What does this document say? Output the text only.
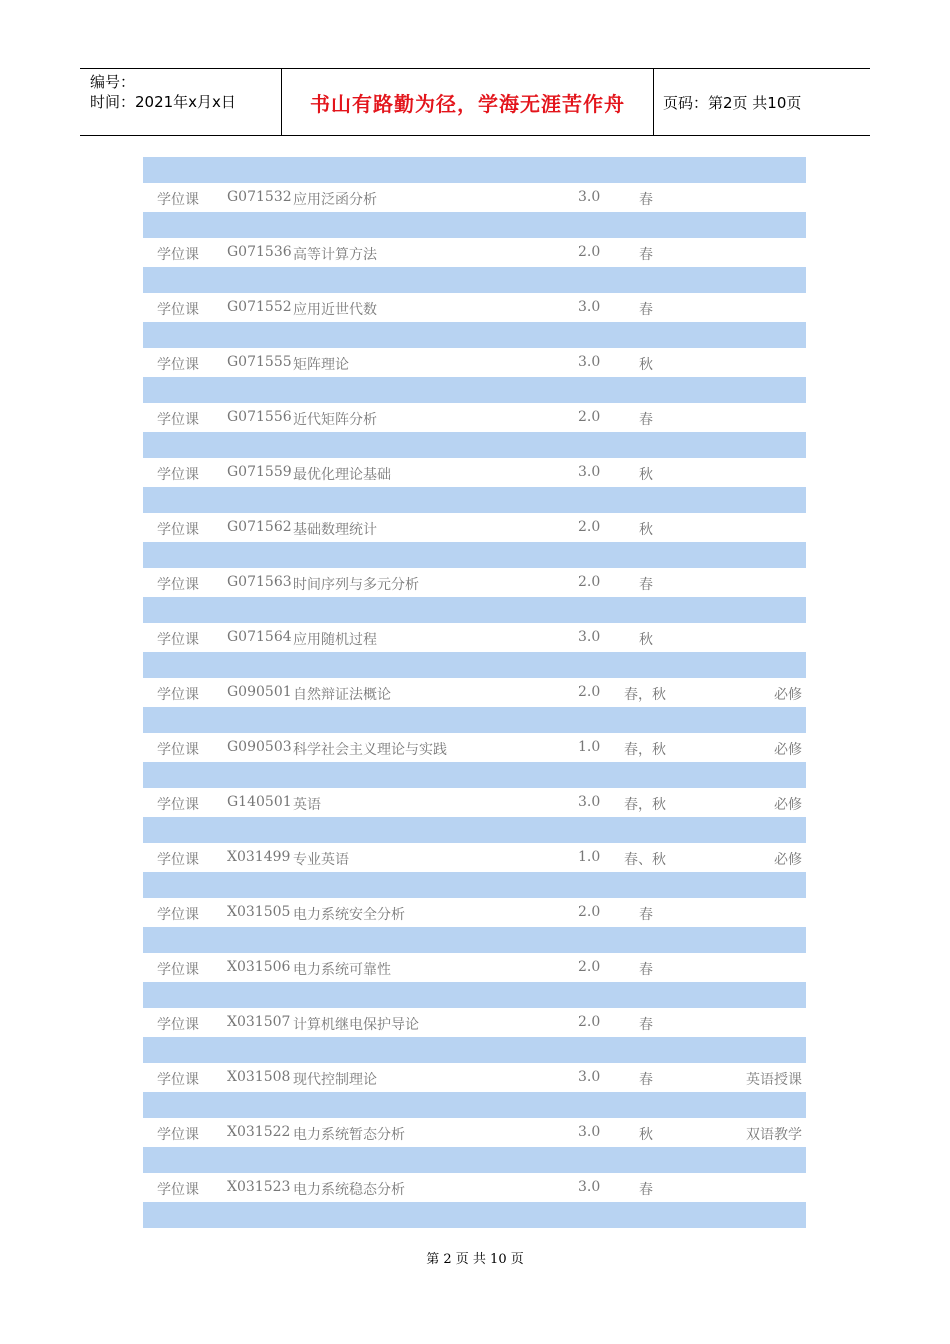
编号：
时间：2021年x月x日	书山有路勤为径，学海无涯苦作舟	页码：第2页 共10页
学位课 G071532 应用泛函分析	3.0	春
学位课 G071536 高等计算方法	2.0	春
学位课 G071552 应用近世代数	3.0	春
学位课 G071555 矩阵理论	3.0	秋
学位课 G071556 近代矩阵分析	2.0	春
学位课 G071559 最优化理论基础	3.0	秋
学位课 G071562 基础数理统计	2.0	秋
学位课 G071563 时间序列与多元分析	2.0	春
学位课 G071564 应用随机过程	3.0	秋
学位课 G090501 自然辩证法概论	2.0 春，秋	必修
学位课 G090503 科学社会主义理论与实践	1.0 春，秋	必修
学位课 G140501 英语	3.0 春，秋	必修
学位课 X031499 专业英语	1.0 春、秋	必修
学位课 X031505 电力系统安全分析	2.0	春
学位课 X031506 电力系统可靠性	2.0	春
学位课 X031507 计算机继电保护导论	2.0	春
学位课 X031508 现代控制理论	3.0	春	英语授课
学位课 X031522 电力系统暂态分析	3.0	秋	双语教学
学位课 X031523 电力系统稳态分析	3.0	春
第 2 页 共 10 页
